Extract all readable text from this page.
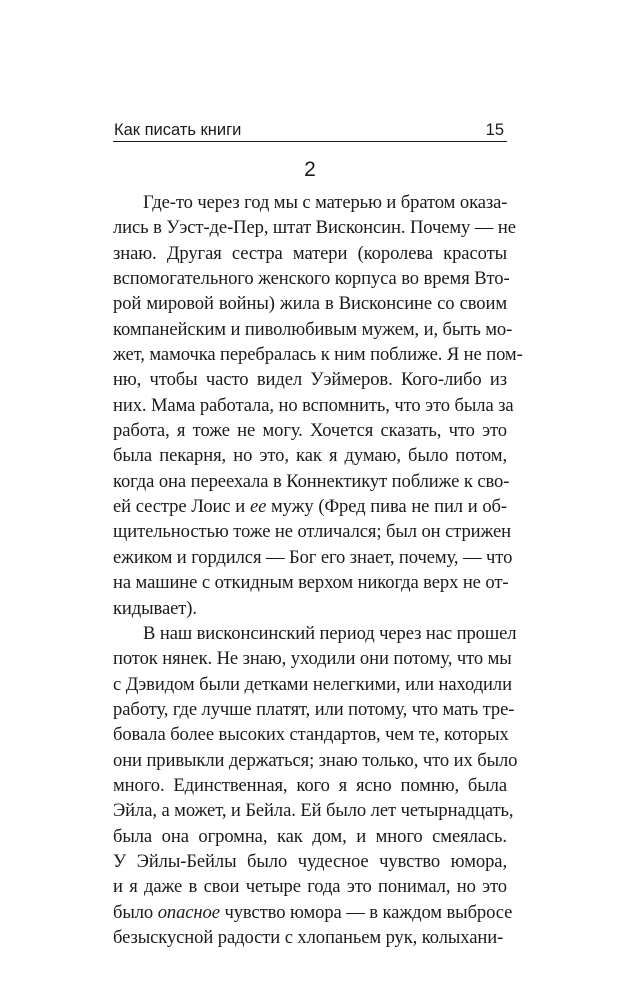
Как писать книги	15
2
Где-то через год мы с матерью и братом оказа-
лись в Уэст-де-Пер, штат Висконсин. Почему — не
знаю. Другая сестра матери (королева красоты
вспомогательного женского корпуса во время Вто-
рой мировой войны) жила в Висконсине со своим
компанейским и пиволюбивым мужем, и, быть мо-
жет, мамочка перебралась к ним поближе. Я не пом-
ню, чтобы часто видел Уэймеров. Кого-либо из
них. Мама работала, но вспомнить, что это была за
работа, я тоже не могу. Хочется сказать, что это
была пекарня, но это, как я думаю, было потом,
когда она переехала в Коннектикут поближе к сво-
ей сестре Лоис и ее мужу (Фред пива не пил и об-
щительностью тоже не отличался; был он стрижен
ежиком и гордился — Бог его знает, почему, — что
на машине с откидным верхом никогда верх не от-
кидывает).
В наш висконсинский период через нас прошел
поток нянек. Не знаю, уходили они потому, что мы
с Дэвидом были детками нелегкими, или находили
работу, где лучше платят, или потому, что мать тре-
бовала более высоких стандартов, чем те, которых
они привыкли держаться; знаю только, что их было
много. Единственная, кого я ясно помню, была
Эйла, а может, и Бейла. Ей было лет четырнадцать,
была она огромна, как дом, и много смеялась.
У Эйлы-Бейлы было чудесное чувство юмора,
и я даже в свои четыре года это понимал, но это
было опасное чувство юмора — в каждом выбросе
безыскусной радости с хлопаньем рук, колыхани-
